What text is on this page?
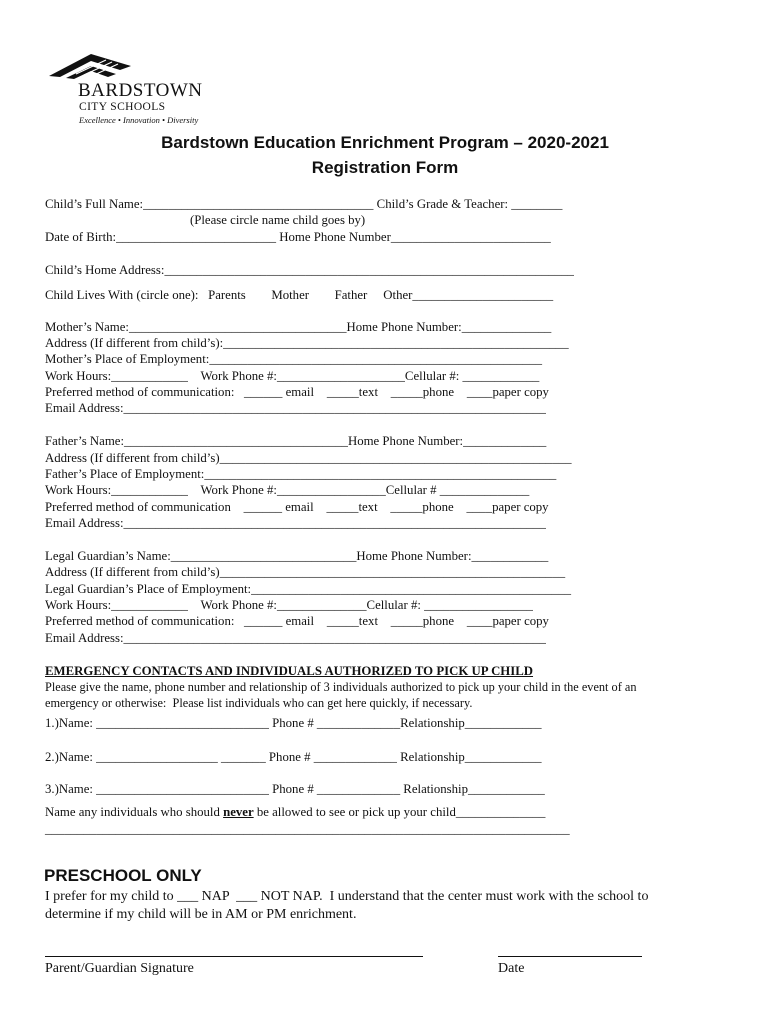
BARDSTOWN
CITY SCHOOLS
Excellence • Innovation • Diversity
Bardstown Education Enrichment Program – 2020-2021
Registration Form
Child’s Full Name:____________________________________ Child’s Grade & Teacher: ________
(Please circle name child goes by)
Date of Birth:_________________________ Home Phone Number_________________________
Child’s Home Address:________________________________________________________________
Child Lives With (circle one):   Parents        Mother        Father     Other______________________
Mother’s Name:__________________________________Home Phone Number:______________
Address (If different from child’s):______________________________________________________
Mother’s Place of Employment:____________________________________________________
Work Hours:____________    Work Phone #:____________________Cellular #: ____________
Preferred method of communication:   ______ email    _____text    _____phone    ____paper copy
Email Address:__________________________________________________________________
Father’s Name:___________________________________Home Phone Number:_____________
Address (If different from child’s)_______________________________________________________
Father’s Place of Employment:_______________________________________________________
Work Hours:____________    Work Phone #:_________________Cellular # ______________
Preferred method of communication    ______ email    _____text    _____phone    ____paper copy
Email Address:__________________________________________________________________
Legal Guardian’s Name:_____________________________Home Phone Number:____________
Address (If different from child’s)______________________________________________________
Legal Guardian’s Place of Employment:__________________________________________________
Work Hours:____________    Work Phone #:______________Cellular #: _________________
Preferred method of communication:   ______ email    _____text    _____phone    ____paper copy
Email Address:__________________________________________________________________
EMERGENCY CONTACTS AND INDIVIDUALS AUTHORIZED TO PICK UP CHILD
Please give the name, phone number and relationship of 3 individuals authorized to pick up your child in the event of an
emergency or otherwise:  Please list individuals who can get here quickly, if necessary.
1.)Name: ___________________________ Phone # _____________Relationship____________
2.)Name: ___________________ _______ Phone # _____________ Relationship____________
3.)Name: ___________________________ Phone # _____________ Relationship____________
Name any individuals who should never be allowed to see or pick up your child______________
__________________________________________________________________________________
PRESCHOOL ONLY
I prefer for my child to ___ NAP  ___ NOT NAP.  I understand that the center must work with the school to
determine if my child will be in AM or PM enrichment.
Parent/Guardian Signature	Date
